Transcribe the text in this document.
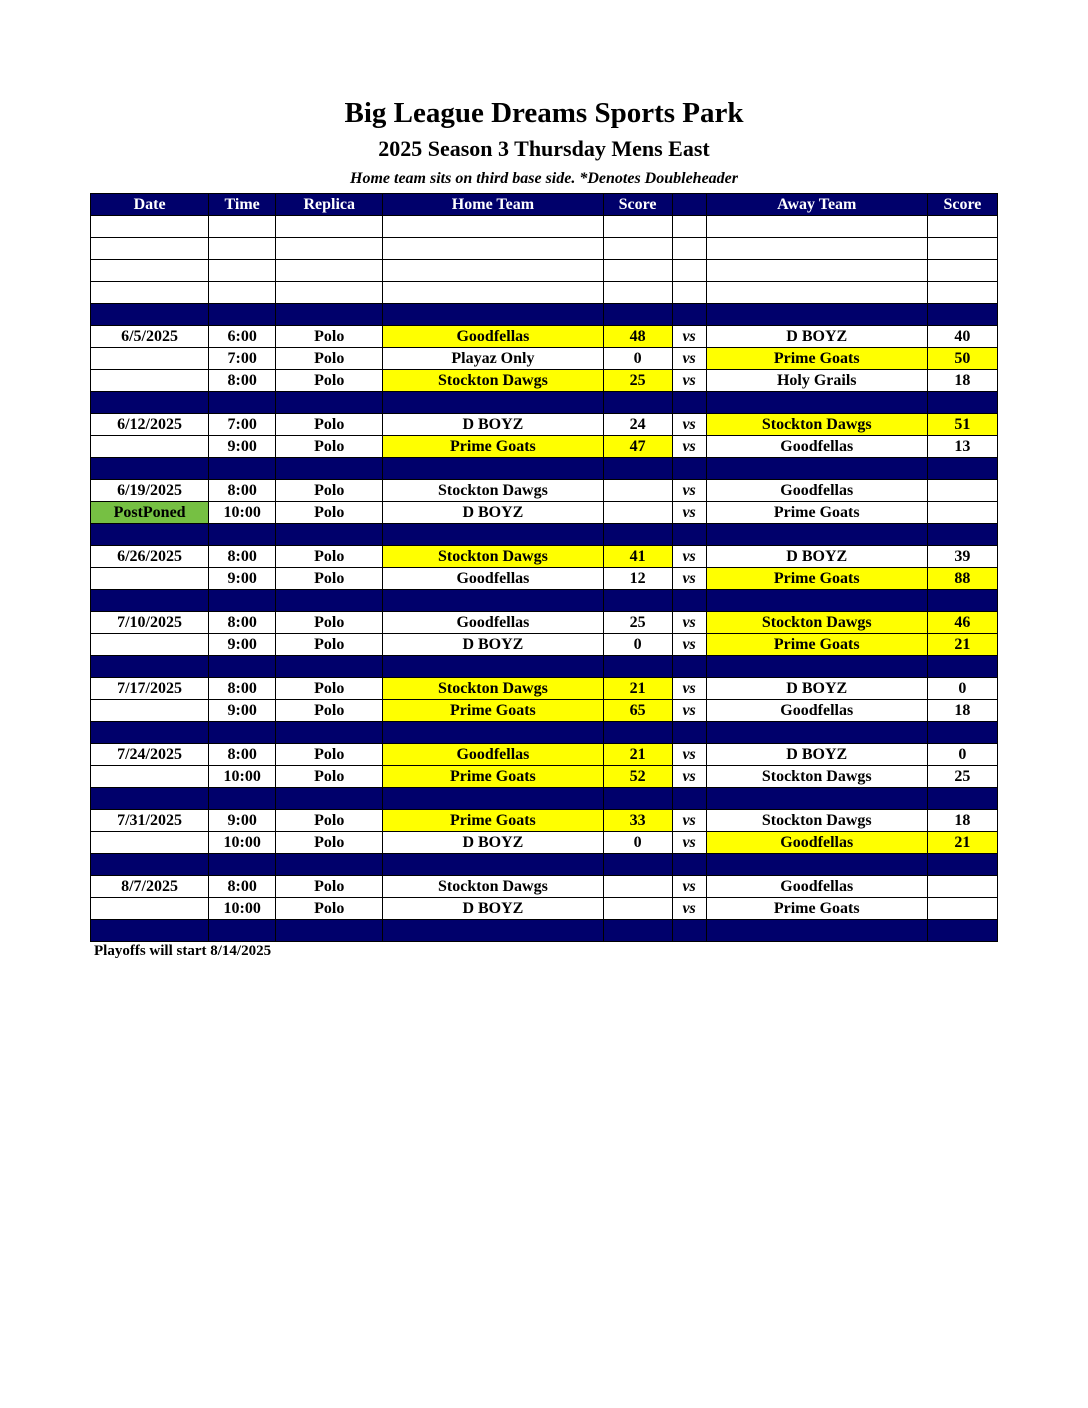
Big League Dreams Sports Park
2025 Season 3 Thursday Mens East
Home team sits on third base side. *Denotes Doubleheader
Date	Time	Replica	Home Team	Score		Away Team	Score

6/5/2025	6:00	Polo	Goodfellas	48	vs	D BOYZ	40
	7:00	Polo	Playaz Only	0	vs	Prime Goats	50
	8:00	Polo	Stockton Dawgs	25	vs	Holy Grails	18

6/12/2025	7:00	Polo	D BOYZ	24	vs	Stockton Dawgs	51
	9:00	Polo	Prime Goats	47	vs	Goodfellas	13

6/19/2025	8:00	Polo	Stockton Dawgs		vs	Goodfellas	
PostPoned	10:00	Polo	D BOYZ		vs	Prime Goats	

6/26/2025	8:00	Polo	Stockton Dawgs	41	vs	D BOYZ	39
	9:00	Polo	Goodfellas	12	vs	Prime Goats	88

7/10/2025	8:00	Polo	Goodfellas	25	vs	Stockton Dawgs	46
	9:00	Polo	D BOYZ	0	vs	Prime Goats	21

7/17/2025	8:00	Polo	Stockton Dawgs	21	vs	D BOYZ	0
	9:00	Polo	Prime Goats	65	vs	Goodfellas	18

7/24/2025	8:00	Polo	Goodfellas	21	vs	D BOYZ	0
	10:00	Polo	Prime Goats	52	vs	Stockton Dawgs	25

7/31/2025	9:00	Polo	Prime Goats	33	vs	Stockton Dawgs	18
	10:00	Polo	D BOYZ	0	vs	Goodfellas	21

8/7/2025	8:00	Polo	Stockton Dawgs		vs	Goodfellas	
	10:00	Polo	D BOYZ		vs	Prime Goats	

Playoffs will start 8/14/2025
